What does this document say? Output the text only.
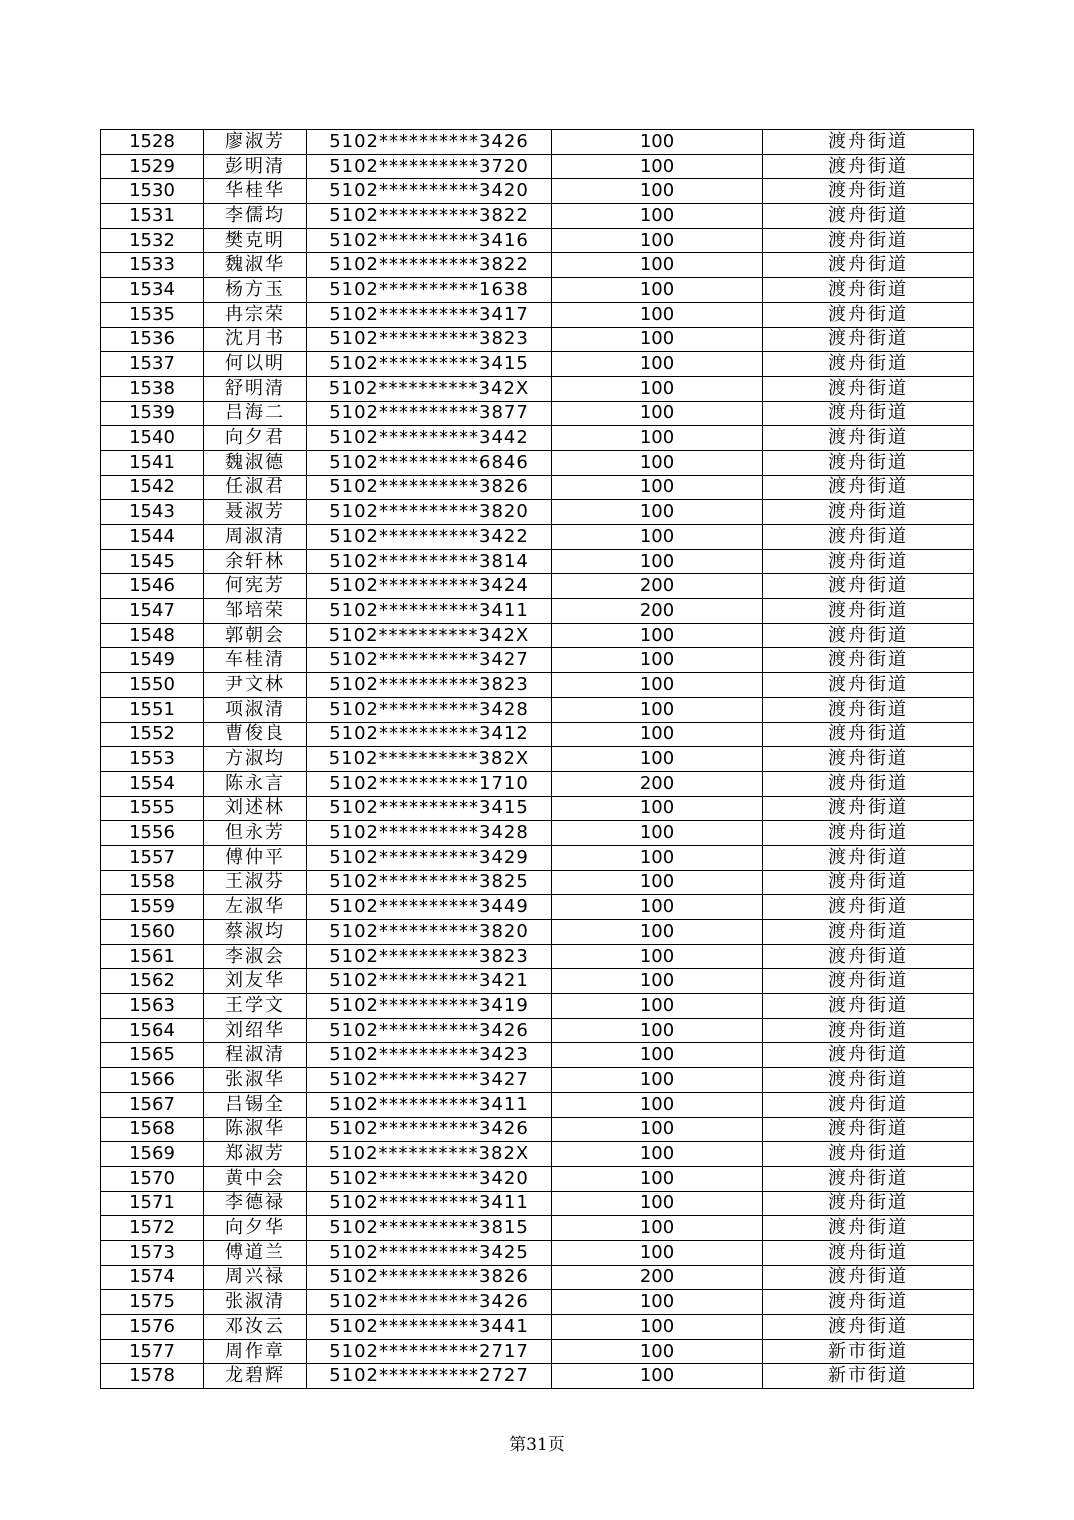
1528	廖淑芳	5102**********3426	100	渡舟街道
1529	彭明清	5102**********3720	100	渡舟街道
1530	华桂华	5102**********3420	100	渡舟街道
1531	李儒均	5102**********3822	100	渡舟街道
1532	樊克明	5102**********3416	100	渡舟街道
1533	魏淑华	5102**********3822	100	渡舟街道
1534	杨方玉	5102**********1638	100	渡舟街道
1535	冉宗荣	5102**********3417	100	渡舟街道
1536	沈月书	5102**********3823	100	渡舟街道
1537	何以明	5102**********3415	100	渡舟街道
1538	舒明清	5102**********342X	100	渡舟街道
1539	吕海二	5102**********3877	100	渡舟街道
1540	向夕君	5102**********3442	100	渡舟街道
1541	魏淑德	5102**********6846	100	渡舟街道
1542	任淑君	5102**********3826	100	渡舟街道
1543	聂淑芳	5102**********3820	100	渡舟街道
1544	周淑清	5102**********3422	100	渡舟街道
1545	余轩林	5102**********3814	100	渡舟街道
1546	何宪芳	5102**********3424	200	渡舟街道
1547	邹培荣	5102**********3411	200	渡舟街道
1548	郭朝会	5102**********342X	100	渡舟街道
1549	车桂清	5102**********3427	100	渡舟街道
1550	尹文林	5102**********3823	100	渡舟街道
1551	项淑清	5102**********3428	100	渡舟街道
1552	曹俊良	5102**********3412	100	渡舟街道
1553	方淑均	5102**********382X	100	渡舟街道
1554	陈永言	5102**********1710	200	渡舟街道
1555	刘述林	5102**********3415	100	渡舟街道
1556	但永芳	5102**********3428	100	渡舟街道
1557	傅仲平	5102**********3429	100	渡舟街道
1558	王淑芬	5102**********3825	100	渡舟街道
1559	左淑华	5102**********3449	100	渡舟街道
1560	蔡淑均	5102**********3820	100	渡舟街道
1561	李淑会	5102**********3823	100	渡舟街道
1562	刘友华	5102**********3421	100	渡舟街道
1563	王学文	5102**********3419	100	渡舟街道
1564	刘绍华	5102**********3426	100	渡舟街道
1565	程淑清	5102**********3423	100	渡舟街道
1566	张淑华	5102**********3427	100	渡舟街道
1567	吕锡全	5102**********3411	100	渡舟街道
1568	陈淑华	5102**********3426	100	渡舟街道
1569	郑淑芳	5102**********382X	100	渡舟街道
1570	黄中会	5102**********3420	100	渡舟街道
1571	李德禄	5102**********3411	100	渡舟街道
1572	向夕华	5102**********3815	100	渡舟街道
1573	傅道兰	5102**********3425	100	渡舟街道
1574	周兴禄	5102**********3826	200	渡舟街道
1575	张淑清	5102**********3426	100	渡舟街道
1576	邓汝云	5102**********3441	100	渡舟街道
1577	周作章	5102**********2717	100	新市街道
1578	龙碧辉	5102**********2727	100	新市街道
第31页
